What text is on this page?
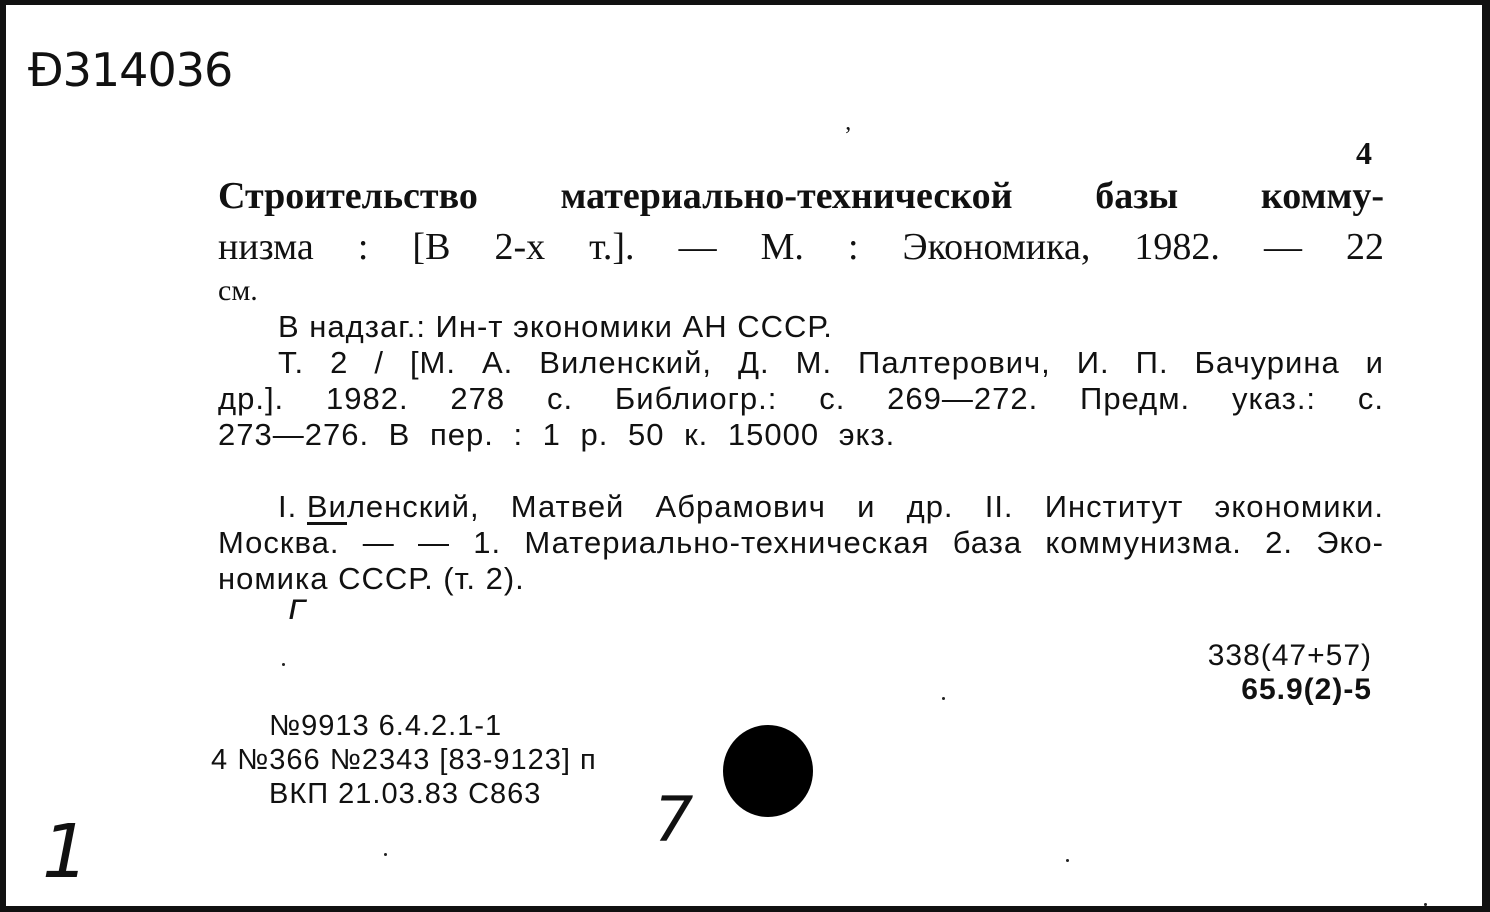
Ɖ314036
ʼ	4
Строительство материально-технической базы комму-
низма : [В 2-х т.]. — М. : Экономика, 1982. — 22
см.
В надзаг.: Ин-т экономики АН СССР.
Т. 2 / [М. А. Виленский, Д. М. Палтерович, И. П. Бачурина и
др.]. 1982. 278 с. Библиогр.: с. 269—272. Предм. указ.: с.
273—276. В пер. : 1 р. 50 к. 15000 экз.
I. Ви ленский, Матвей Абрамович и др. II. Институт экономики.
Москва. — — 1. Материально-техническая база коммунизма. 2. Эко-
номика СССР. (т. 2).
338(47+57)
65.9(2)-5
№9913 6.4.2.1-1
4 №366 №2343 [83-9123] п
ВКП 21.03.83 С863
1	7
г
